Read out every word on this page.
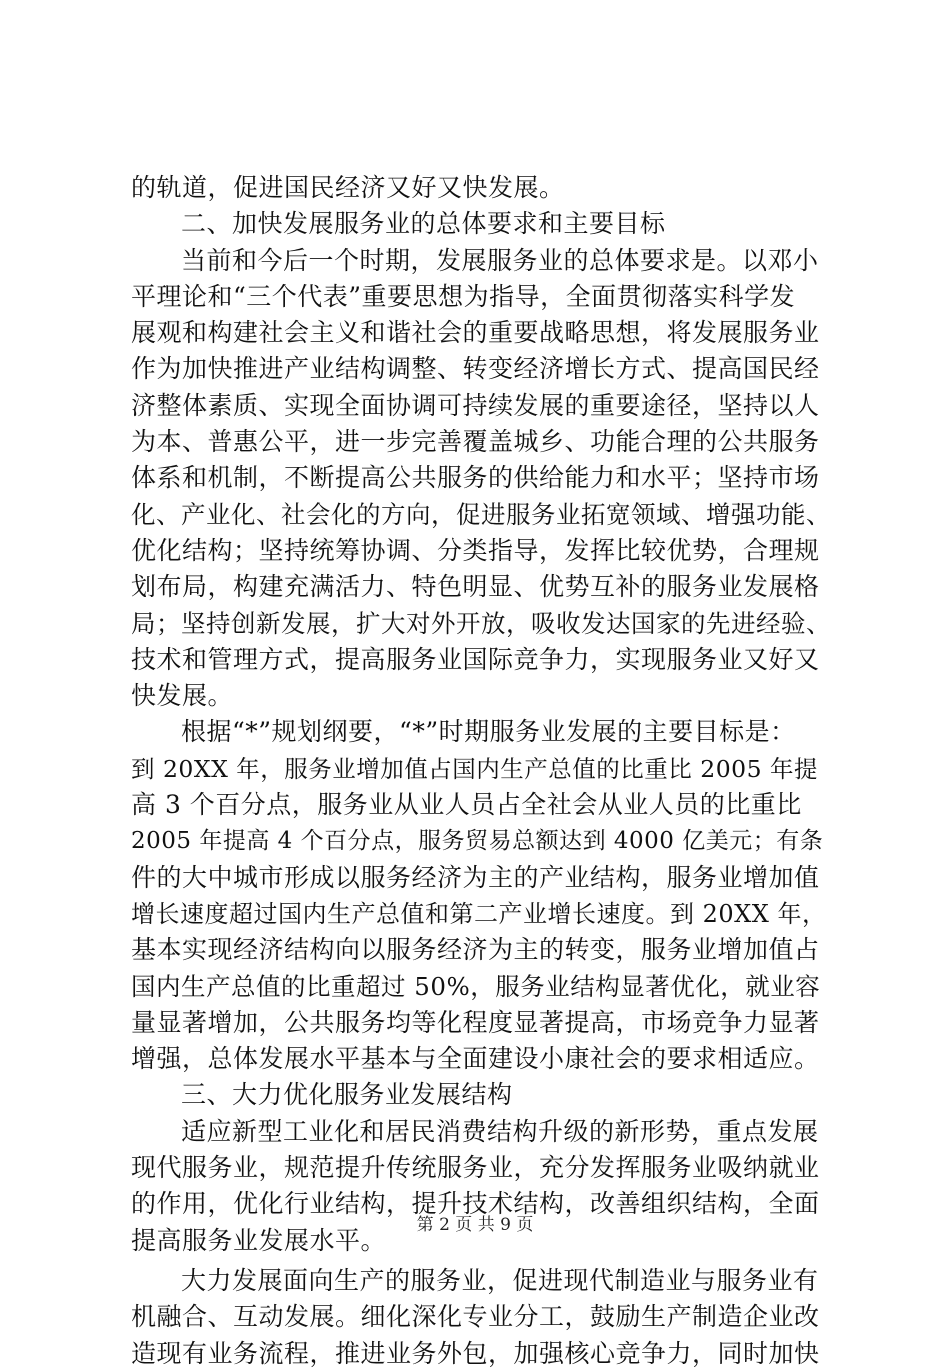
的轨道，促进国民经济又好又快发展。
二、加快发展服务业的总体要求和主要目标
当前和今后一个时期，发展服务业的总体要求是。以邓小
平理论和“三个代表”重要思想为指导，全面贯彻落实科学发
展观和构建社会主义和谐社会的重要战略思想，将发展服务业
作为加快推进产业结构调整、转变经济增长方式、提高国民经
济整体素质、实现全面协调可持续发展的重要途径，坚持以人
为本、普惠公平，进一步完善覆盖城乡、功能合理的公共服务
体系和机制，不断提高公共服务的供给能力和水平；坚持市场
化、产业化、社会化的方向，促进服务业拓宽领域、增强功能、
优化结构；坚持统筹协调、分类指导，发挥比较优势，合理规
划布局，构建充满活力、特色明显、优势互补的服务业发展格
局；坚持创新发展，扩大对外开放，吸收发达国家的先进经验、
技术和管理方式，提高服务业国际竞争力，实现服务业又好又
快发展。
根据“*”规划纲要，“*”时期服务业发展的主要目标是：
到 20XX 年，服务业增加值占国内生产总值的比重比 2005 年提
高 3 个百分点，服务业从业人员占全社会从业人员的比重比
2005 年提高 4 个百分点，服务贸易总额达到 4000 亿美元；有条
件的大中城市形成以服务经济为主的产业结构，服务业增加值
增长速度超过国内生产总值和第二产业增长速度。到 20XX 年，
基本实现经济结构向以服务经济为主的转变，服务业增加值占
国内生产总值的比重超过 50%，服务业结构显著优化，就业容
量显著增加，公共服务均等化程度显著提高，市场竞争力显著
增强，总体发展水平基本与全面建设小康社会的要求相适应。
三、大力优化服务业发展结构
适应新型工业化和居民消费结构升级的新形势，重点发展
现代服务业，规范提升传统服务业，充分发挥服务业吸纳就业
的作用，优化行业结构，提升技术结构，改善组织结构，全面
提高服务业发展水平。
大力发展面向生产的服务业，促进现代制造业与服务业有
机融合、互动发展。细化深化专业分工，鼓励生产制造企业改
造现有业务流程，推进业务外包，加强核心竞争力，同时加快
第 2 页 共 9 页
